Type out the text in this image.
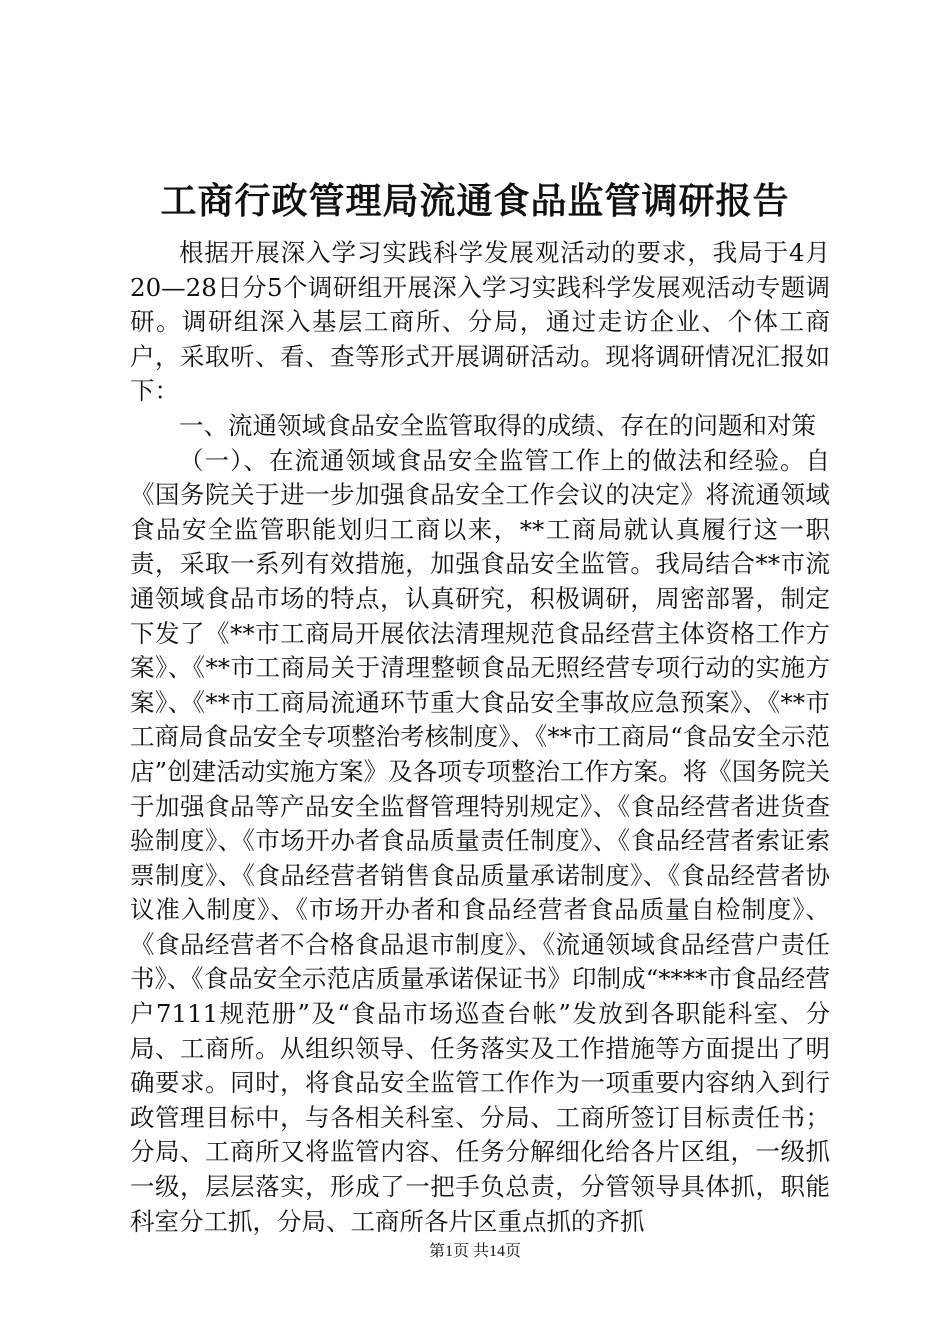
工商行政管理局流通食品监管调研报告

根据开展深入学习实践科学发展观活动的要求，我局于4月20—28日分5个调研组开展深入学习实践科学发展观活动专题调研。调研组深入基层工商所、分局，通过走访企业、个体工商户，采取听、看、查等形式开展调研活动。现将调研情况汇报如下：

一、流通领域食品安全监管取得的成绩、存在的问题和对策

（一）、在流通领域食品安全监管工作上的做法和经验。自《国务院关于进一步加强食品安全工作会议的决定》将流通领域食品安全监管职能划归工商以来，**工商局就认真履行这一职责，采取一系列有效措施，加强食品安全监管。我局结合**市流通领域食品市场的特点，认真研究，积极调研，周密部署，制定下发了《**市工商局开展依法清理规范食品经营主体资格工作方案》、《**市工商局关于清理整顿食品无照经营专项行动的实施方案》、《**市工商局流通环节重大食品安全事故应急预案》、《**市工商局食品安全专项整治考核制度》、《**市工商局“食品安全示范店”创建活动实施方案》及各项专项整治工作方案。将《国务院关于加强食品等产品安全监督管理特别规定》、《食品经营者进货查验制度》、《市场开办者食品质量责任制度》、《食品经营者索证索票制度》、《食品经营者销售食品质量承诺制度》、《食品经营者协议准入制度》、《市场开办者和食品经营者食品质量自检制度》、《食品经营者不合格食品退市制度》、《流通领域食品经营户责任书》、《食品安全示范店质量承诺保证书》印制成“****市食品经营户7111规范册”及“食品市场巡查台帐”发放到各职能科室、分局、工商所。从组织领导、任务落实及工作措施等方面提出了明确要求。同时，将食品安全监管工作作为一项重要内容纳入到行政管理目标中，与各相关科室、分局、工商所签订目标责任书；分局、工商所又将监管内容、任务分解细化给各片区组，一级抓一级，层层落实，形成了一把手负总责，分管领导具体抓，职能科室分工抓，分局、工商所各片区重点抓的齐抓

第1页 共14页
